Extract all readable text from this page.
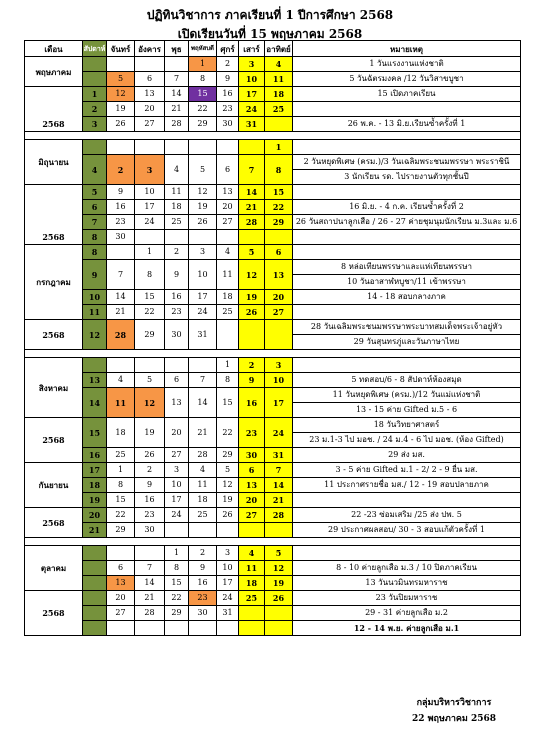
ปฏิทินวิชาการ ภาคเรียนที่ 1 ปีการศึกษา 2568
เปิดเรียนวันที่ 15 พฤษภาคม 2568
เดือน	สัปดาห์	จันทร์	อังคาร	พุธ	พฤหัสบดี	ศุกร์	เสาร์	อาทิตย์	หมายเหตุ
พฤษภาคม					1	2	3	4	1 วันแรงงานแห่งชาติ
		5	6	7	8	9	10	11	5 วันฉัตรมงคล /12 วันวิสาขบูชา
2568	1	12	13	14	15	16	17	18	15 เปิดภาคเรียน
	2	19	20	21	22	23	24	25	
	3	26	27	28	29	30	31		26 พ.ค. - 13 มิ.ย.เรียนซ้ำครั้งที่ 1

มิถุนายน								1	
	4	2	3	4	5	6	7	8	2 วันหยุดพิเศษ (ครม.)/3 วันเฉลิมพระชนมพรรษา พระราชินี
									3 นักเรียน รด. ไปรายงานตัวทุกชั้นปี
2568	5	9	10	11	12	13	14	15	
	6	16	17	18	19	20	21	22	16 มิ.ย. - 4 ก.ค. เรียนซ้ำครั้งที่ 2
	7	23	24	25	26	27	28	29	26 วันสถาปนาลูกเสือ / 26 - 27 ค่ายชุมนุมนักเรียน ม.3และ ม.6
	8	30							
กรกฎาคม	8		1	2	3	4	5	6	
	9	7	8	9	10	11	12	13	8 หล่อเทียนพรรษาและแห่เทียนพรรษา
									10 วันอาสาฬหบูชา/11 เข้าพรรษา
	10	14	15	16	17	18	19	20	14 - 18 สอบกลางภาค
	11	21	22	23	24	25	26	27	
2568	12	28	29	30	31				28 วันเฉลิมพระชนมพรรษาพระบาทสมเด็จพระเจ้าอยู่หัว
									29 วันสุนทรภู่และวันภาษาไทย

สิงหาคม						1	2	3	
	13	4	5	6	7	8	9	10	5 ทดสอบ/6 - 8 สัปดาห์ห้องสมุด
	14	11	12	13	14	15	16	17	11 วันหยุดพิเศษ (ครม.)/12 วันแม่แห่งชาติ
									13 - 15 ค่าย Gifted ม.5 - 6
2568	15	18	19	20	21	22	23	24	18 วันวิทยาศาสตร์
									23 ม.1-3 ไป มอช. / 24 ม.4 - 6 ไป มอช. (ห้อง Gifted)
	16	25	26	27	28	29	30	31	29 ส่ง มส.
กันยายน	17	1	2	3	4	5	6	7	3 - 5 ค่าย Gifted ม.1 - 2/ 2 - 9 ยื่น มส.
	18	8	9	10	11	12	13	14	11 ประกาศรายชื่อ มส./ 12 - 19 สอบปลายภาค
	19	15	16	17	18	19	20	21	
2568	20	22	23	24	25	26	27	28	22 -23 ซ่อมเสริม /25 ส่ง ปพ. 5
	21	29	30						29 ประกาศผลสอบ/ 30 - 3 สอบแก้ตัวครั้งที่ 1

ตุลาคม				1	2	3	4	5	
		6	7	8	9	10	11	12	8 - 10 ค่ายลูกเสือ ม.3 / 10 ปิดภาคเรียน
		13	14	15	16	17	18	19	13 วันนวมินทรมหาราช
2568		20	21	22	23	24	25	26	23 วันปิยมหาราช
		27	28	29	30	31			29 - 31 ค่ายลูกเสือ ม.2
									12 - 14 พ.ย. ค่ายลูกเสือ ม.1
กลุ่มบริหารวิชาการ
22 พฤษภาคม 2568
